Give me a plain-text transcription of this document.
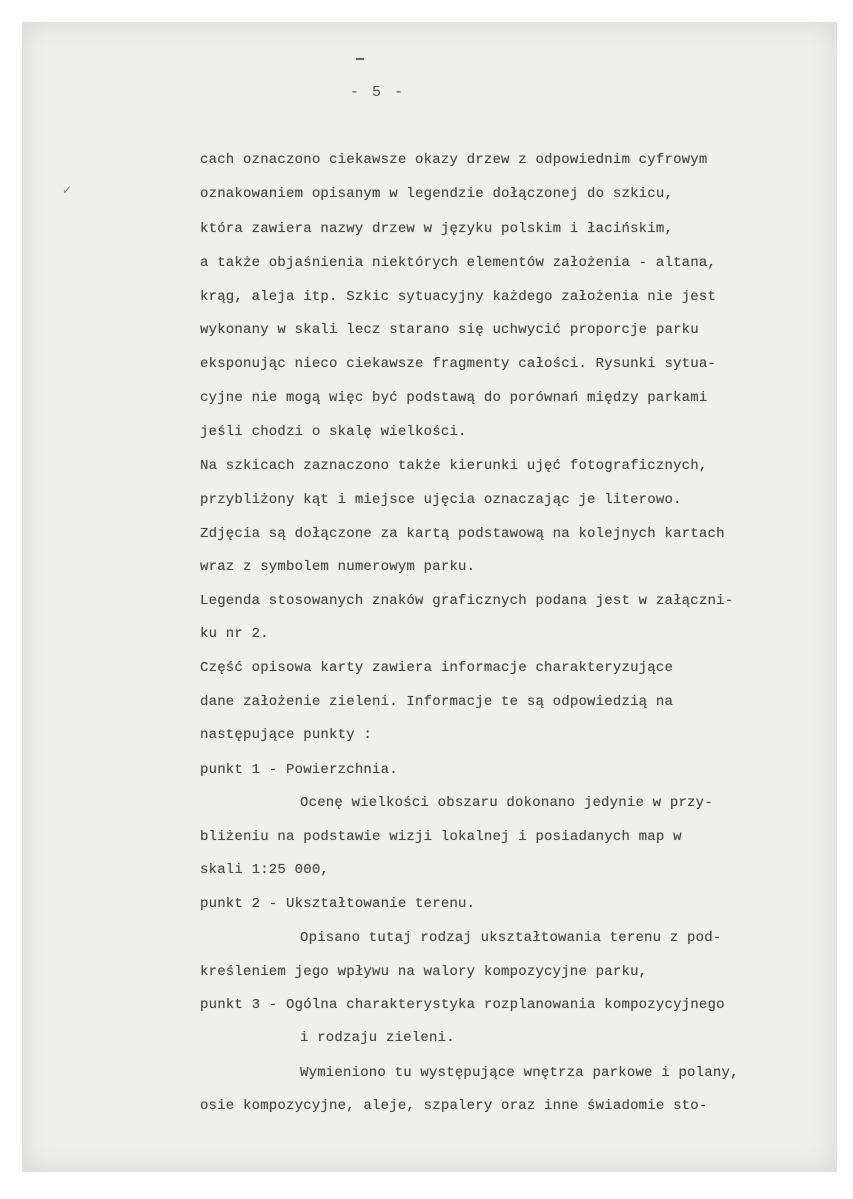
- 5 -
✓
cach oznaczono ciekawsze okazy drzew z odpowiednim cyfrowym
oznakowaniem opisanym w legendzie dołączonej do szkicu,
która zawiera nazwy drzew w języku polskim i łacińskim,
a także objaśnienia niektórych elementów założenia - altana,
krąg, aleja itp. Szkic sytuacyjny każdego założenia nie jest
wykonany w skali lecz starano się uchwycić proporcje parku
eksponując nieco ciekawsze fragmenty całości. Rysunki sytua-
cyjne nie mogą więc być podstawą do porównań między parkami
jeśli chodzi o skalę wielkości.
Na szkicach zaznaczono także kierunki ujęć fotograficznych,
przybliżony kąt i miejsce ujęcia oznaczając je literowo.
Zdjęcia są dołączone za kartą podstawową na kolejnych kartach
wraz z symbolem numerowym parku.
Legenda stosowanych znaków graficznych podana jest w załączni-
ku nr 2.
Część opisowa karty zawiera informacje charakteryzujące
dane założenie zieleni. Informacje te są odpowiedzią na
następujące punkty :
punkt 1 - Powierzchnia.
Ocenę wielkości obszaru dokonano jedynie w przy-
bliżeniu na podstawie wizji lokalnej i posiadanych map w
skali 1:25 000,
punkt 2 - Ukształtowanie terenu.
Opisano tutaj rodzaj ukształtowania terenu z pod-
kreśleniem jego wpływu na walory kompozycyjne parku,
punkt 3 - Ogólna charakterystyka rozplanowania kompozycyjnego
i rodzaju zieleni.
Wymieniono tu występujące wnętrza parkowe i polany,
osie kompozycyjne, aleje, szpalery oraz inne świadomie sto-
